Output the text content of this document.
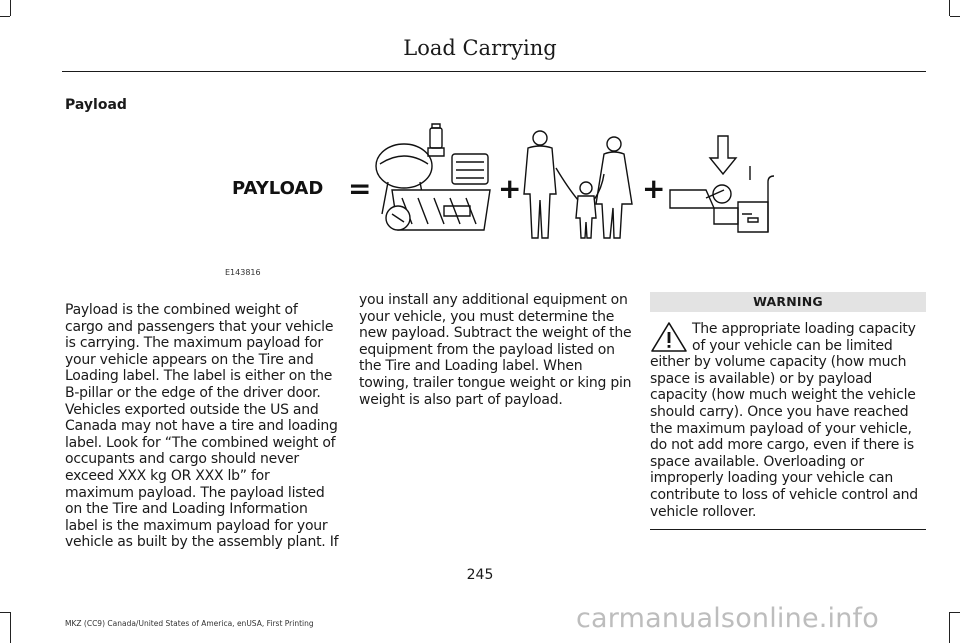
Load Carrying
Payload
PAYLOAD =	+	+
E143816
Payload is the combined weight of cargo and passengers that your vehicle is carrying. The maximum payload for your vehicle appears on the Tire and Loading label. The label is either on the B-pillar or the edge of the driver door. Vehicles exported outside the US and Canada may not have a tire and loading label. Look for “The combined weight of occupants and cargo should never exceed XXX kg OR XXX lb” for maximum payload. The payload listed on the Tire and Loading Information label is the maximum payload for your vehicle as built by the assembly plant. If
you install any additional equipment on your vehicle, you must determine the new payload. Subtract the weight of the equipment from the payload listed on the Tire and Loading label. When towing, trailer tongue weight or king pin weight is also part of payload.
WARNING
The appropriate loading capacity of your vehicle can be limited either by volume capacity (how much space is available) or by payload capacity (how much weight the vehicle should carry). Once you have reached the maximum payload of your vehicle, do not add more cargo, even if there is space available. Overloading or improperly loading your vehicle can contribute to loss of vehicle control and vehicle rollover.
245
MKZ (CC9) Canada/United States of America, enUSA, First Printing	carmanualsonline.info
